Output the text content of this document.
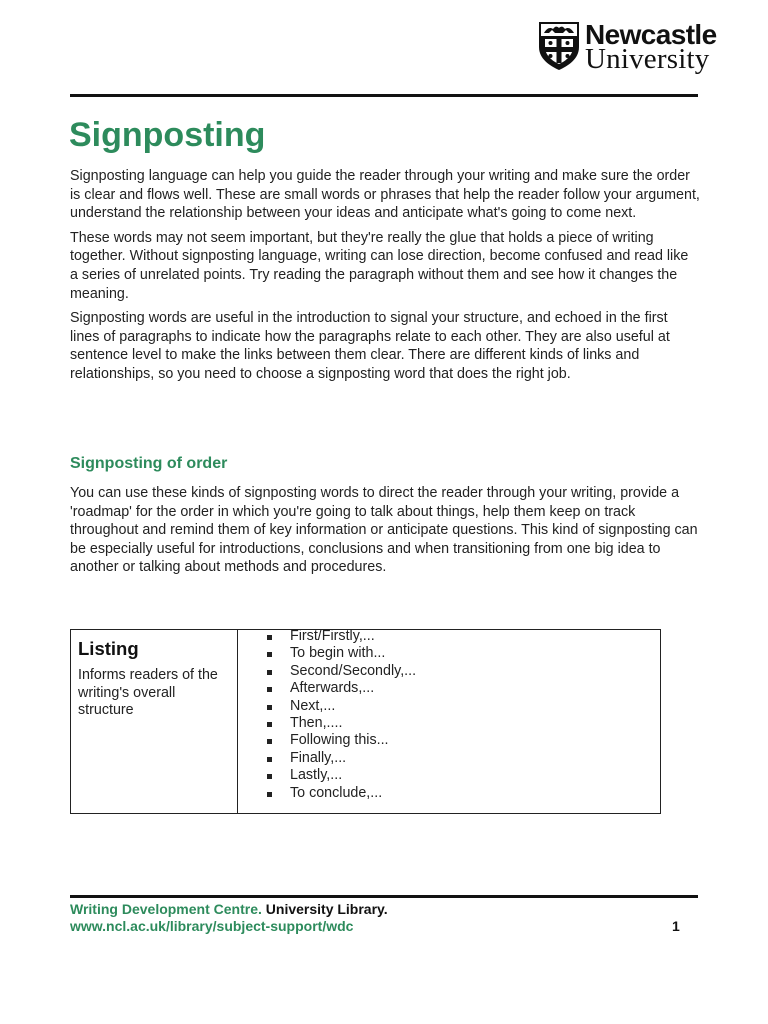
Newcastle
University
Signposting

Signposting language can help you guide the reader through your writing and make sure the order is clear and flows well. These are small words or phrases that help the reader follow your argument, understand the relationship between your ideas and anticipate what's going to come next.

These words may not seem important, but they're really the glue that holds a piece of writing together. Without signposting language, writing can lose direction, become confused and read like a series of unrelated points. Try reading the paragraph without them and see how it changes the meaning.

Signposting words are useful in the introduction to signal your structure, and echoed in the first lines of paragraphs to indicate how the paragraphs relate to each other. They are also useful at sentence level to make the links between them clear. There are different kinds of links and relationships, so you need to choose a signposting word that does the right job.

Signposting of order

You can use these kinds of signposting words to direct the reader through your writing, provide a 'roadmap' for the order in which you're going to talk about things, help them keep on track throughout and remind them of key information or anticipate questions. This kind of signposting can be especially useful for introductions, conclusions and when transitioning from one big idea to another or talking about methods and procedures.

Listing
Informs readers of the writing's overall structure
First/Firstly,...
To begin with...
Second/Secondly,...
Afterwards,...
Next,...
Then,....
Following this...
Finally,...
Lastly,...
To conclude,...
Writing Development Centre. University Library.
www.ncl.ac.uk/library/subject-support/wdc	1
